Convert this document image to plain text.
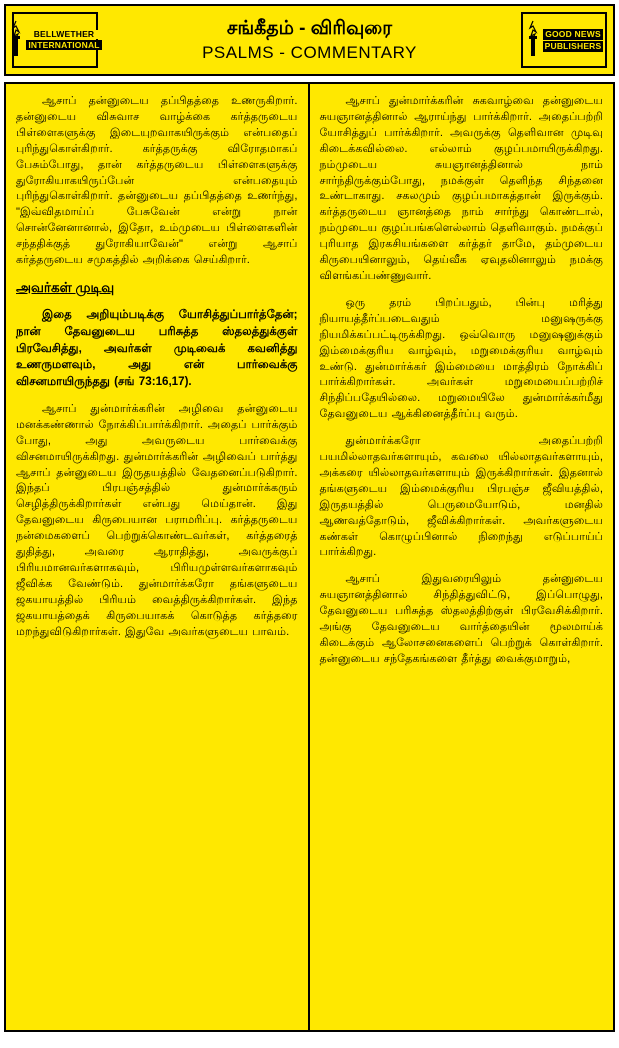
BELLWETHER
INTERNATIONAL
சங்கீதம் - விரிவுரை
PSALMS - COMMENTARY
GOOD NEWS
PUBLISHERS

ஆசாப் தன்னுடைய தப்பிதத்தை உணருகிறார். தன்னுடைய விசுவாச வாழ்க்கை கர்த்தருடைய பிள்ளைகளுக்கு இடையுறவாகயிருக்கும் என்பதைப் புரிந்துகொள்கிறார். கர்த்தருக்கு விரோதமாகப் பேசும்போது, தான் கர்த்தருடைய பிள்ளைகளுக்கு துரோகியாகயிருப்பேன் என்பதையும் புரிந்துகொள்கிறார். தன்னுடைய தப்பிதத்தை உணர்ந்து, "இவ்விதமாய்ப் பேசுவேன் என்று நான் சொன்னேனானால், இதோ, உம்முடைய பிள்ளைகளின் சந்ததிக்குத் துரோகியாவேன்" என்று ஆசாப் கர்த்தருடைய சமுகத்தில் அறிக்கை செய்கிறார்.

அவர்கள் முடிவு

இதை அறியும்படிக்கு யோசித்துப்பார்த்தேன்; நான் தேவனுடைய பரிசுத்த ஸ்தலத்துக்குள் பிரவேசித்து, அவர்கள் முடிவைக் கவனித்து உணருமளவும், அது என் பார்வைக்கு விசனமாயிருந்தது (சங் 73:16,17).

ஆசாப் துன்மார்க்கரின் அழிவை தன்னுடைய மனக்கண்ணால் நோக்கிப்பார்க்கிறார். அதைப் பார்க்கும் போது, அது அவருடைய பார்வைக்கு விசனமாயிருக்கிறது. துன்மார்க்கரின் அழிவைப் பார்த்து ஆசாப் தன்னுடைய இருதயத்தில் வேதனைப்படுகிறார். இந்தப் பிரபஞ்சத்தில் துன்மார்க்கரும் செழித்திருக்கிறார்கள் என்பது மெய்தான். இது தேவனுடைய கிருபையான பராமரிப்பு. கர்த்தருடைய நன்மைகளைப் பெற்றுக்கொண்டவர்கள், கர்த்தரைத் துதித்து, அவரை ஆராதித்து, அவருக்குப் பிரியமானவர்களாகவும், பிரியமுள்ளவர்களாகவும் ஜீவிக்க வேண்டும். துன்மார்க்கரோ தங்களுடைய ஜகயாயத்தில் பிரியம் வைத்திருக்கிறார்கள். இந்த ஜகயாயத்தைக் கிருபையாகக் கொடுத்த கர்த்தரை மறந்துவிடுகிறார்கள். இதுவே அவர்களுடைய பாவம்.

ஆசாப் துன்மார்க்கரின் சுகவாழ்வை தன்னுடைய சுயஞானத்தினால் ஆராய்ந்து பார்க்கிறார். அதைப்பற்றி யோசித்துப் பார்க்கிறார். அவருக்கு தெளிவான முடிவு கிடைக்கவில்லை. எல்லாம் குழப்பமாயிருக்கிறது. நம்முடைய சுயஞானத்தினால் நாம் சார்ந்திருக்கும்போது, நமக்குள் தெளிந்த சிந்தனை உண்டாகாது. சகலமும் குழப்பமாகத்தான் இருக்கும். கர்த்தருடைய ஞானத்தை நாம் சார்ந்து கொண்டால், நம்முடைய குழப்பங்களெல்லாம் தெளிவாகும். நமக்குப் புரியாத இரகசியங்களை கர்த்தர் தாமே, தம்முடைய கிருபையினாலும், தெய்வீக ஏவுதலினாலும் நமக்கு விளங்கப்பண்ணுவார்.

ஒரு தரம் பிறப்பதும், பின்பு மரித்து நியாயத்தீர்ப்படைவதும் மனுஷருக்கு நியமிக்கப்பட்டிருக்கிறது. ஒவ்வொரு மனுஷனுக்கும் இம்மைக்குரிய வாழ்வும், மறுமைக்குரிய வாழ்வும் உண்டு. துன்மார்க்கர் இம்மையை மாத்திரம் நோக்கிப் பார்க்கிறார்கள். அவர்கள் மறுமையைப்பற்றிச் சிந்திப்பதேயில்லை. மறுமையிலே துன்மார்க்கர்மீது தேவனுடைய ஆக்கினைத்தீர்ப்பு வரும்.

துன்மார்க்கரோ அதைப்பற்றி பயமில்லாதவர்களாயும், கவலை யில்லாதவர்களாயும், அக்கரை யில்லாதவர்களாயும் இருக்கிறார்கள். இதனால் தங்களுடைய இம்மைக்குரிய பிரபஞ்ச ஜீவியத்தில், இருதயத்தில் பெருமையோடும், மனதில் ஆணவத்தோடும், ஜீவிக்கிறார்கள். அவர்களுடைய கண்கள் கொழுப்பினால் நிறைந்து எடுப்பாய்ப் பார்க்கிறது.

ஆசாப் இதுவரையிலும் தன்னுடைய சுயஞானத்தினால் சிந்தித்துவிட்டு, இப்பொழுது, தேவனுடைய பரிசுத்த ஸ்தலத்திற்குள் பிரவேசிக்கிறார். அங்கு தேவனுடைய வார்த்தையின் மூலமாய்க் கிடைக்கும் ஆலோசனைகளைப் பெற்றுக் கொள்கிறார். தன்னுடைய சந்தேகங்களை தீர்த்து வைக்குமாறும்,
